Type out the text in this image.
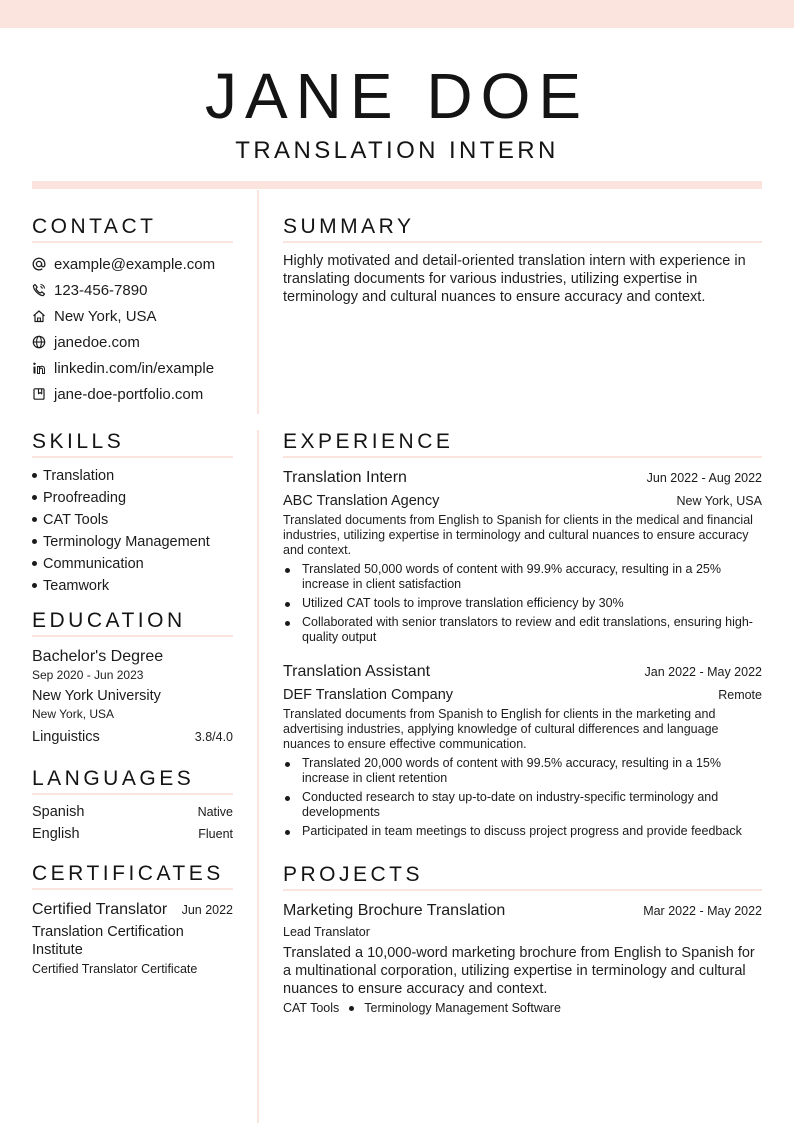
JANE DOE
TRANSLATION INTERN
CONTACT
example@example.com
123-456-7890
New York, USA
janedoe.com
linkedin.com/in/example
jane-doe-portfolio.com
SUMMARY

Highly motivated and detail-oriented translation intern with experience in translating documents for various industries, utilizing expertise in terminology and cultural nuances to ensure accuracy and context.

SKILLS
Translation
Proofreading
CAT Tools
Terminology Management
Communication
Teamwork
EDUCATION
Bachelor's Degree
Sep 2020 - Jun 2023
New York University
New York, USA
Linguistics	3.8/4.0
LANGUAGES
Spanish	Native
English	Fluent
CERTIFICATES
Certified Translator Jun 2022
Translation Certification Institute
Certified Translator Certificate
EXPERIENCE
Translation Intern	Jun 2022 - Aug 2022
ABC Translation Agency	New York, USA

Translated documents from English to Spanish for clients in the medical and financial industries, utilizing expertise in terminology and cultural nuances to ensure accuracy and context.

Translated 50,000 words of content with 99.9% accuracy, resulting in a 25% increase in client satisfaction
Utilized CAT tools to improve translation efficiency by 30%
Collaborated with senior translators to review and edit translations, ensuring high-quality output
Translation Assistant	Jan 2022 - May 2022
DEF Translation Company	Remote

Translated documents from Spanish to English for clients in the marketing and advertising industries, applying knowledge of cultural differences and language nuances to ensure effective communication.

Translated 20,000 words of content with 99.5% accuracy, resulting in a 15% increase in client retention
Conducted research to stay up-to-date on industry-specific terminology and developments
Participated in team meetings to discuss project progress and provide feedback
PROJECTS
Marketing Brochure Translation	Mar 2022 - May 2022
Lead Translator

Translated a 10,000-word marketing brochure from English to Spanish for a multinational corporation, utilizing expertise in terminology and cultural nuances to ensure accuracy and context.

CAT Tools Terminology Management Software
